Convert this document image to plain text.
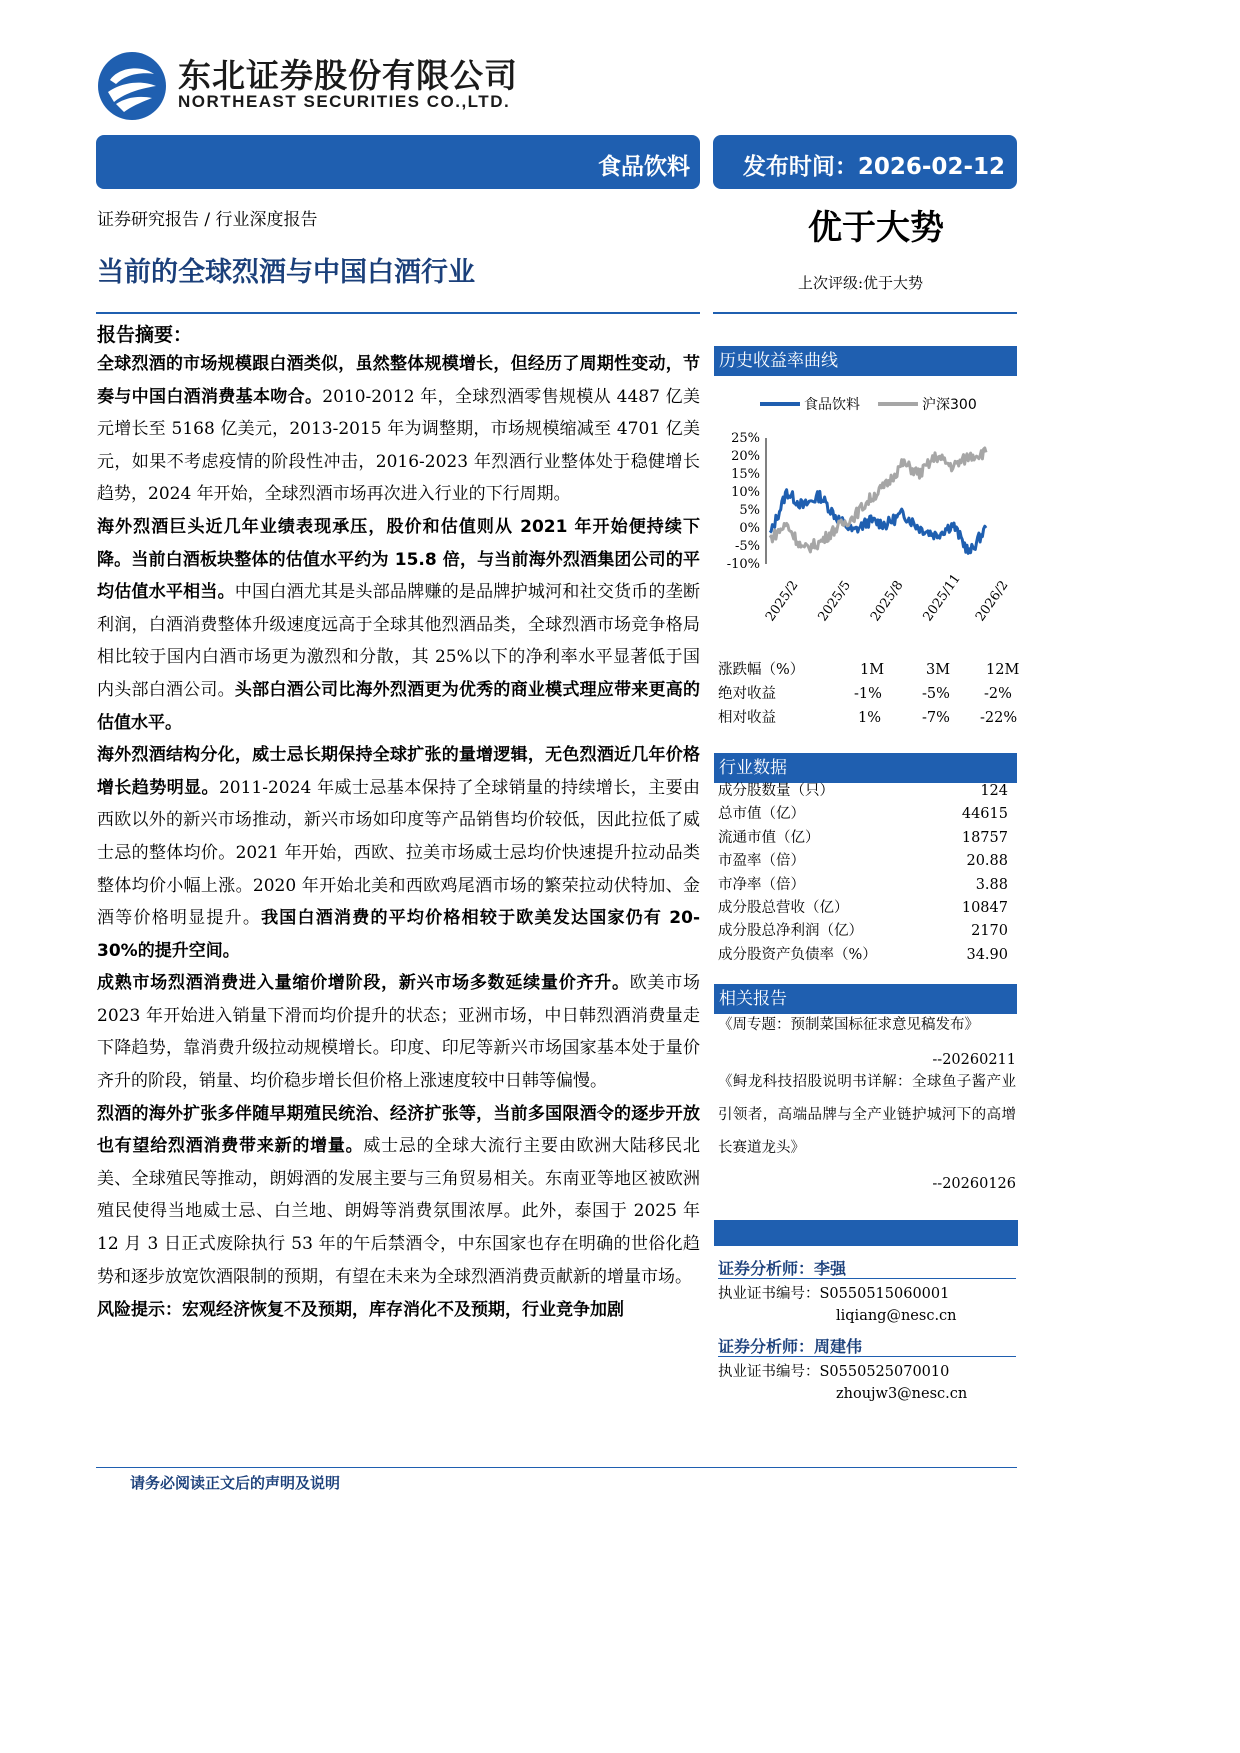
东北证券股份有限公司
NORTHEAST SECURITIES CO.,LTD.
食品饮料 发布时间：2026-02-12
证券研究报告 / 行业深度报告
当前的全球烈酒与中国白酒行业
优于大势
上次评级:优于大势
报告摘要：
全球烈酒的市场规模跟白酒类似，虽然整体规模增长，但经历了周期性变动，节奏与中国白酒消费基本吻合。2010-2012 年，全球烈酒零售规模从 4487 亿美元增长至 5168 亿美元，2013-2015 年为调整期，市场规模缩减至 4701 亿美元，如果不考虑疫情的阶段性冲击，2016-2023 年烈酒行业整体处于稳健增长趋势，2024 年开始，全球烈酒市场再次进入行业的下行周期。
海外烈酒巨头近几年业绩表现承压，股价和估值则从 2021 年开始便持续下降。当前白酒板块整体的估值水平约为 15.8 倍，与当前海外烈酒集团公司的平均估值水平相当。中国白酒尤其是头部品牌赚的是品牌护城河和社交货币的垄断利润，白酒消费整体升级速度远高于全球其他烈酒品类，全球烈酒市场竞争格局相比较于国内白酒市场更为激烈和分散，其 25%以下的净利率水平显著低于国内头部白酒公司。头部白酒公司比海外烈酒更为优秀的商业模式理应带来更高的估值水平。
海外烈酒结构分化，威士忌长期保持全球扩张的量增逻辑，无色烈酒近几年价格增长趋势明显。2011-2024 年威士忌基本保持了全球销量的持续增长，主要由西欧以外的新兴市场推动，新兴市场如印度等产品销售均价较低，因此拉低了威士忌的整体均价。2021 年开始，西欧、拉美市场威士忌均价快速提升拉动品类整体均价小幅上涨。2020 年开始北美和西欧鸡尾酒市场的繁荣拉动伏特加、金酒等价格明显提升。我国白酒消费的平均价格相较于欧美发达国家仍有 20-30%的提升空间。
成熟市场烈酒消费进入量缩价增阶段，新兴市场多数延续量价齐升。欧美市场 2023 年开始进入销量下滑而均价提升的状态；亚洲市场，中日韩烈酒消费量走下降趋势，靠消费升级拉动规模增长。印度、印尼等新兴市场国家基本处于量价齐升的阶段，销量、均价稳步增长但价格上涨速度较中日韩等偏慢。
烈酒的海外扩张多伴随早期殖民统治、经济扩张等，当前多国限酒令的逐步开放也有望给烈酒消费带来新的增量。威士忌的全球大流行主要由欧洲大陆移民北美、全球殖民等推动，朗姆酒的发展主要与三角贸易相关。东南亚等地区被欧洲殖民使得当地威士忌、白兰地、朗姆等消费氛围浓厚。此外，泰国于 2025 年 12 月 3 日正式废除执行 53 年的午后禁酒令，中东国家也存在明确的世俗化趋势和逐步放宽饮酒限制的预期，有望在未来为全球烈酒消费贡献新的增量市场。
风险提示：宏观经济恢复不及预期，库存消化不及预期，行业竞争加剧
历史收益率曲线
食品饮料	沪深300
25%
20%
15%
10%
5%
0%
-5%
-10%
2025/2 2025/5 2025/8 2025/11 2026/2
涨跌幅（%）	1M	3M 12M
绝对收益	-1%	-5% -2%
相对收益	1%	-7% -22%
行业数据
成分股数量（只）	124
总市值（亿）	44615
流通市值（亿）	18757
市盈率（倍）	20.88
市净率（倍）	3.88
成分股总营收（亿）	10847
成分股总净利润（亿）	2170
成分股资产负债率（%）	34.90
相关报告
《周专题：预制菜国标征求意见稿发布》
--20260211
《鲟龙科技招股说明书详解：全球鱼子酱产业引领者，高端品牌与全产业链护城河下的高增长赛道龙头》
--20260126
证券分析师：李强
执业证书编号：S0550515060001
liqiang@nesc.cn
证券分析师：周建伟
执业证书编号：S0550525070010
zhoujw3@nesc.cn
请务必阅读正文后的声明及说明
